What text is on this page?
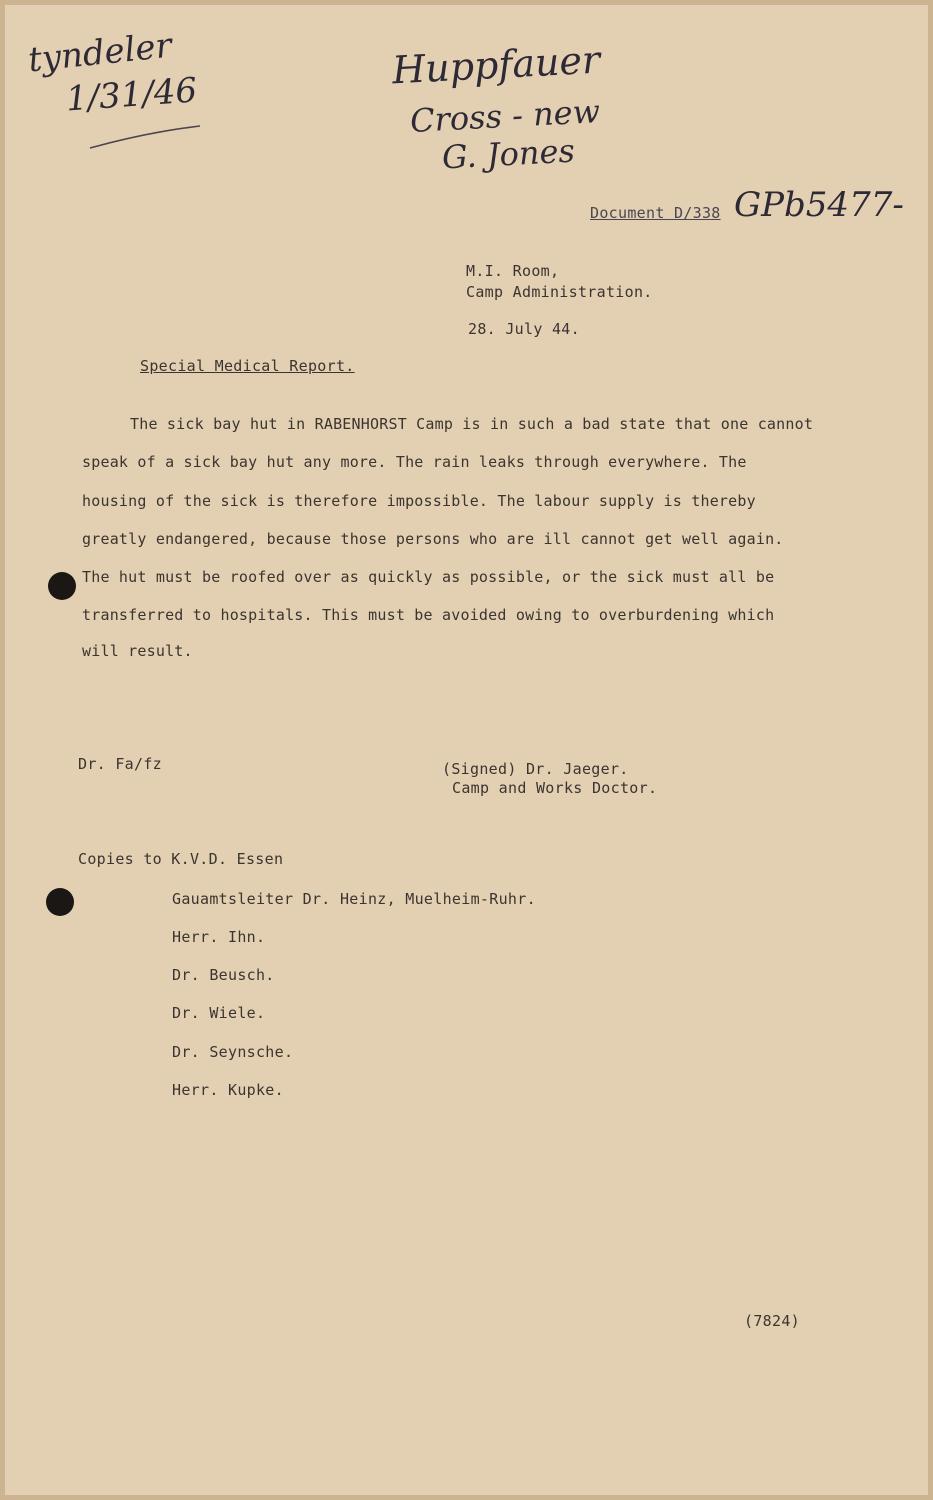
tyndeler
1/31/46
Huppfauer
Cross - new
G. Jones
Document D/338 GPb5477-
M.I. Room,
Camp Administration.
28. July 44.
Special Medical Report.
The sick bay hut in RABENHORST Camp is in such a bad state that one cannot
speak of a sick bay hut any more. The rain leaks through everywhere. The
housing of the sick is therefore impossible. The labour supply is thereby
greatly endangered, because those persons who are ill cannot get well again.
The hut must be roofed over as quickly as possible, or the sick must all be
transferred to hospitals. This must be avoided owing to overburdening which
will result.
Dr. Fa/fz	(Signed) Dr. Jaeger.
Camp and Works Doctor.
Copies to K.V.D. Essen
Gauamtsleiter Dr. Heinz, Muelheim-Ruhr.
Herr. Ihn.
Dr. Beusch.
Dr. Wiele.
Dr. Seynsche.
Herr. Kupke.
(7824)
